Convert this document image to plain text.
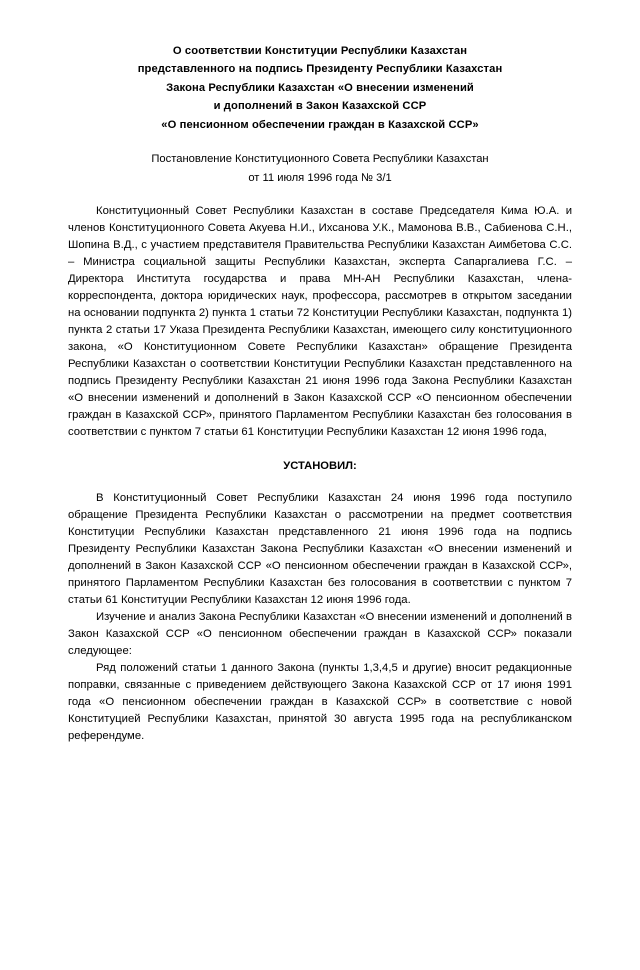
О соответствии Конституции Республики Казахстан
представленного на подпись Президенту Республики Казахстан
Закона Республики Казахстан «О внесении изменений
и дополнений в Закон Казахской ССР
«О пенсионном обеспечении граждан в Казахской ССР»
Постановление Конституционного Совета Республики Казахстан
от 11 июля 1996 года № 3/1

Конституционный Совет Республики Казахстан в составе Председателя Кима Ю.А. и членов Конституционного Совета Акуева Н.И., Ихсанова У.К., Мамонова В.В., Сабиенова С.Н., Шопина В.Д., с участием представителя Правительства Республики Казахстан Аимбетова С.С. – Министра социальной защиты Республики Казахстан, эксперта Сапаргалиева Г.С. – Директора Института государства и права МН-АН Республики Казахстан, члена-корреспондента, доктора юридических наук, профессора, рассмотрев в открытом заседании на основании подпункта 2) пункта 1 статьи 72 Конституции Республики Казахстан, подпункта 1) пункта 2 статьи 17 Указа Президента Республики Казахстан, имеющего силу конституционного закона, «О Конституционном Совете Республики Казахстан» обращение Президента Республики Казахстан о соответствии Конституции Республики Казахстан представленного на подпись Президенту Республики Казахстан 21 июня 1996 года Закона Республики Казахстан «О внесении изменений и дополнений в Закон Казахской ССР «О пенсионном обеспечении граждан в Казахской ССР», принятого Парламентом Республики Казахстан без голосования в соответствии с пунктом 7 статьи 61 Конституции Республики Казахстан 12 июня 1996 года,

УСТАНОВИЛ:

В Конституционный Совет Республики Казахстан 24 июня 1996 года поступило обращение Президента Республики Казахстан о рассмотрении на предмет соответствия Конституции Республики Казахстан представленного 21 июня 1996 года на подпись Президенту Республики Казахстан Закона Республики Казахстан «О внесении изменений и дополнений в Закон Казахской ССР «О пенсионном обеспечении граждан в Казахской ССР», принятого Парламентом Республики Казахстан без голосования в соответствии с пунктом 7 статьи 61 Конституции Республики Казахстан 12 июня 1996 года.

Изучение и анализ Закона Республики Казахстан «О внесении изменений и дополнений в Закон Казахской ССР «О пенсионном обеспечении граждан в Казахской ССР» показали следующее:

Ряд положений статьи 1 данного Закона (пункты 1,3,4,5 и другие) вносит редакционные поправки, связанные с приведением действующего Закона Казахской ССР от 17 июня 1991 года «О пенсионном обеспечении граждан в Казахской ССР» в соответствие с новой Конституцией Республики Казахстан, принятой 30 августа 1995 года на республиканском референдуме.
